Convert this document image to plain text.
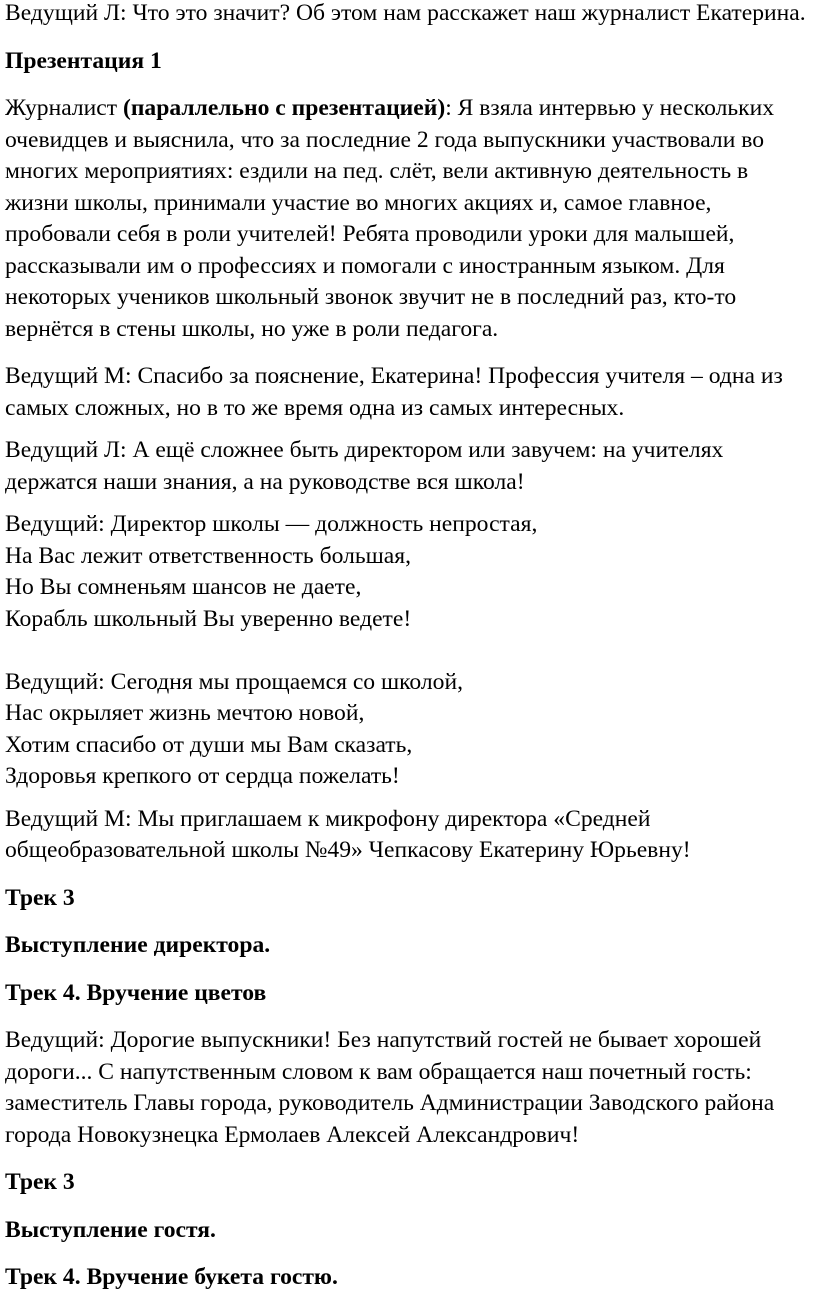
Ведущий Л: Что это значит? Об этом нам расскажет наш журналист Екатерина.

Презентация 1

Журналист (параллельно с презентацией): Я взяла интервью у нескольких очевидцев и выяснила, что за последние 2 года выпускники участвовали во многих мероприятиях: ездили на пед. слёт, вели активную деятельность в жизни школы, принимали участие во многих акциях и, самое главное, пробовали себя в роли учителей! Ребята проводили уроки для малышей, рассказывали им о профессиях и помогали с иностранным языком. Для некоторых учеников школьный звонок звучит не в последний раз, кто-то вернётся в стены школы, но уже в роли педагога.

Ведущий М: Спасибо за пояснение, Екатерина! Профессия учителя – одна из самых сложных, но в то же время одна из самых интересных.

Ведущий Л: А ещё сложнее быть директором или завучем: на учителях держатся наши знания, а на руководстве вся школа!

Ведущий: Директор школы — должность непростая,
На Вас лежит ответственность большая,
Но Вы сомненьям шансов не даете,
Корабль школьный Вы уверенно ведете!
Ведущий: Сегодня мы прощаемся со школой,
Нас окрыляет жизнь мечтою новой,
Хотим спасибо от души мы Вам сказать,
Здоровья крепкого от сердца пожелать!

Ведущий М: Мы приглашаем к микрофону директора «Средней общеобразовательной школы №49» Чепкасову Екатерину Юрьевну!

Трек 3

Выступление директора.

Трек 4. Вручение цветов

Ведущий: Дорогие выпускники! Без напутствий гостей не бывает хорошей дороги... С напутственным словом к вам обращается наш почетный гость: заместитель Главы города, руководитель Администрации Заводского района города Новокузнецка Ермолаев Алексей Александрович!

Трек 3

Выступление гостя.

Трек 4. Вручение букета гостю.
